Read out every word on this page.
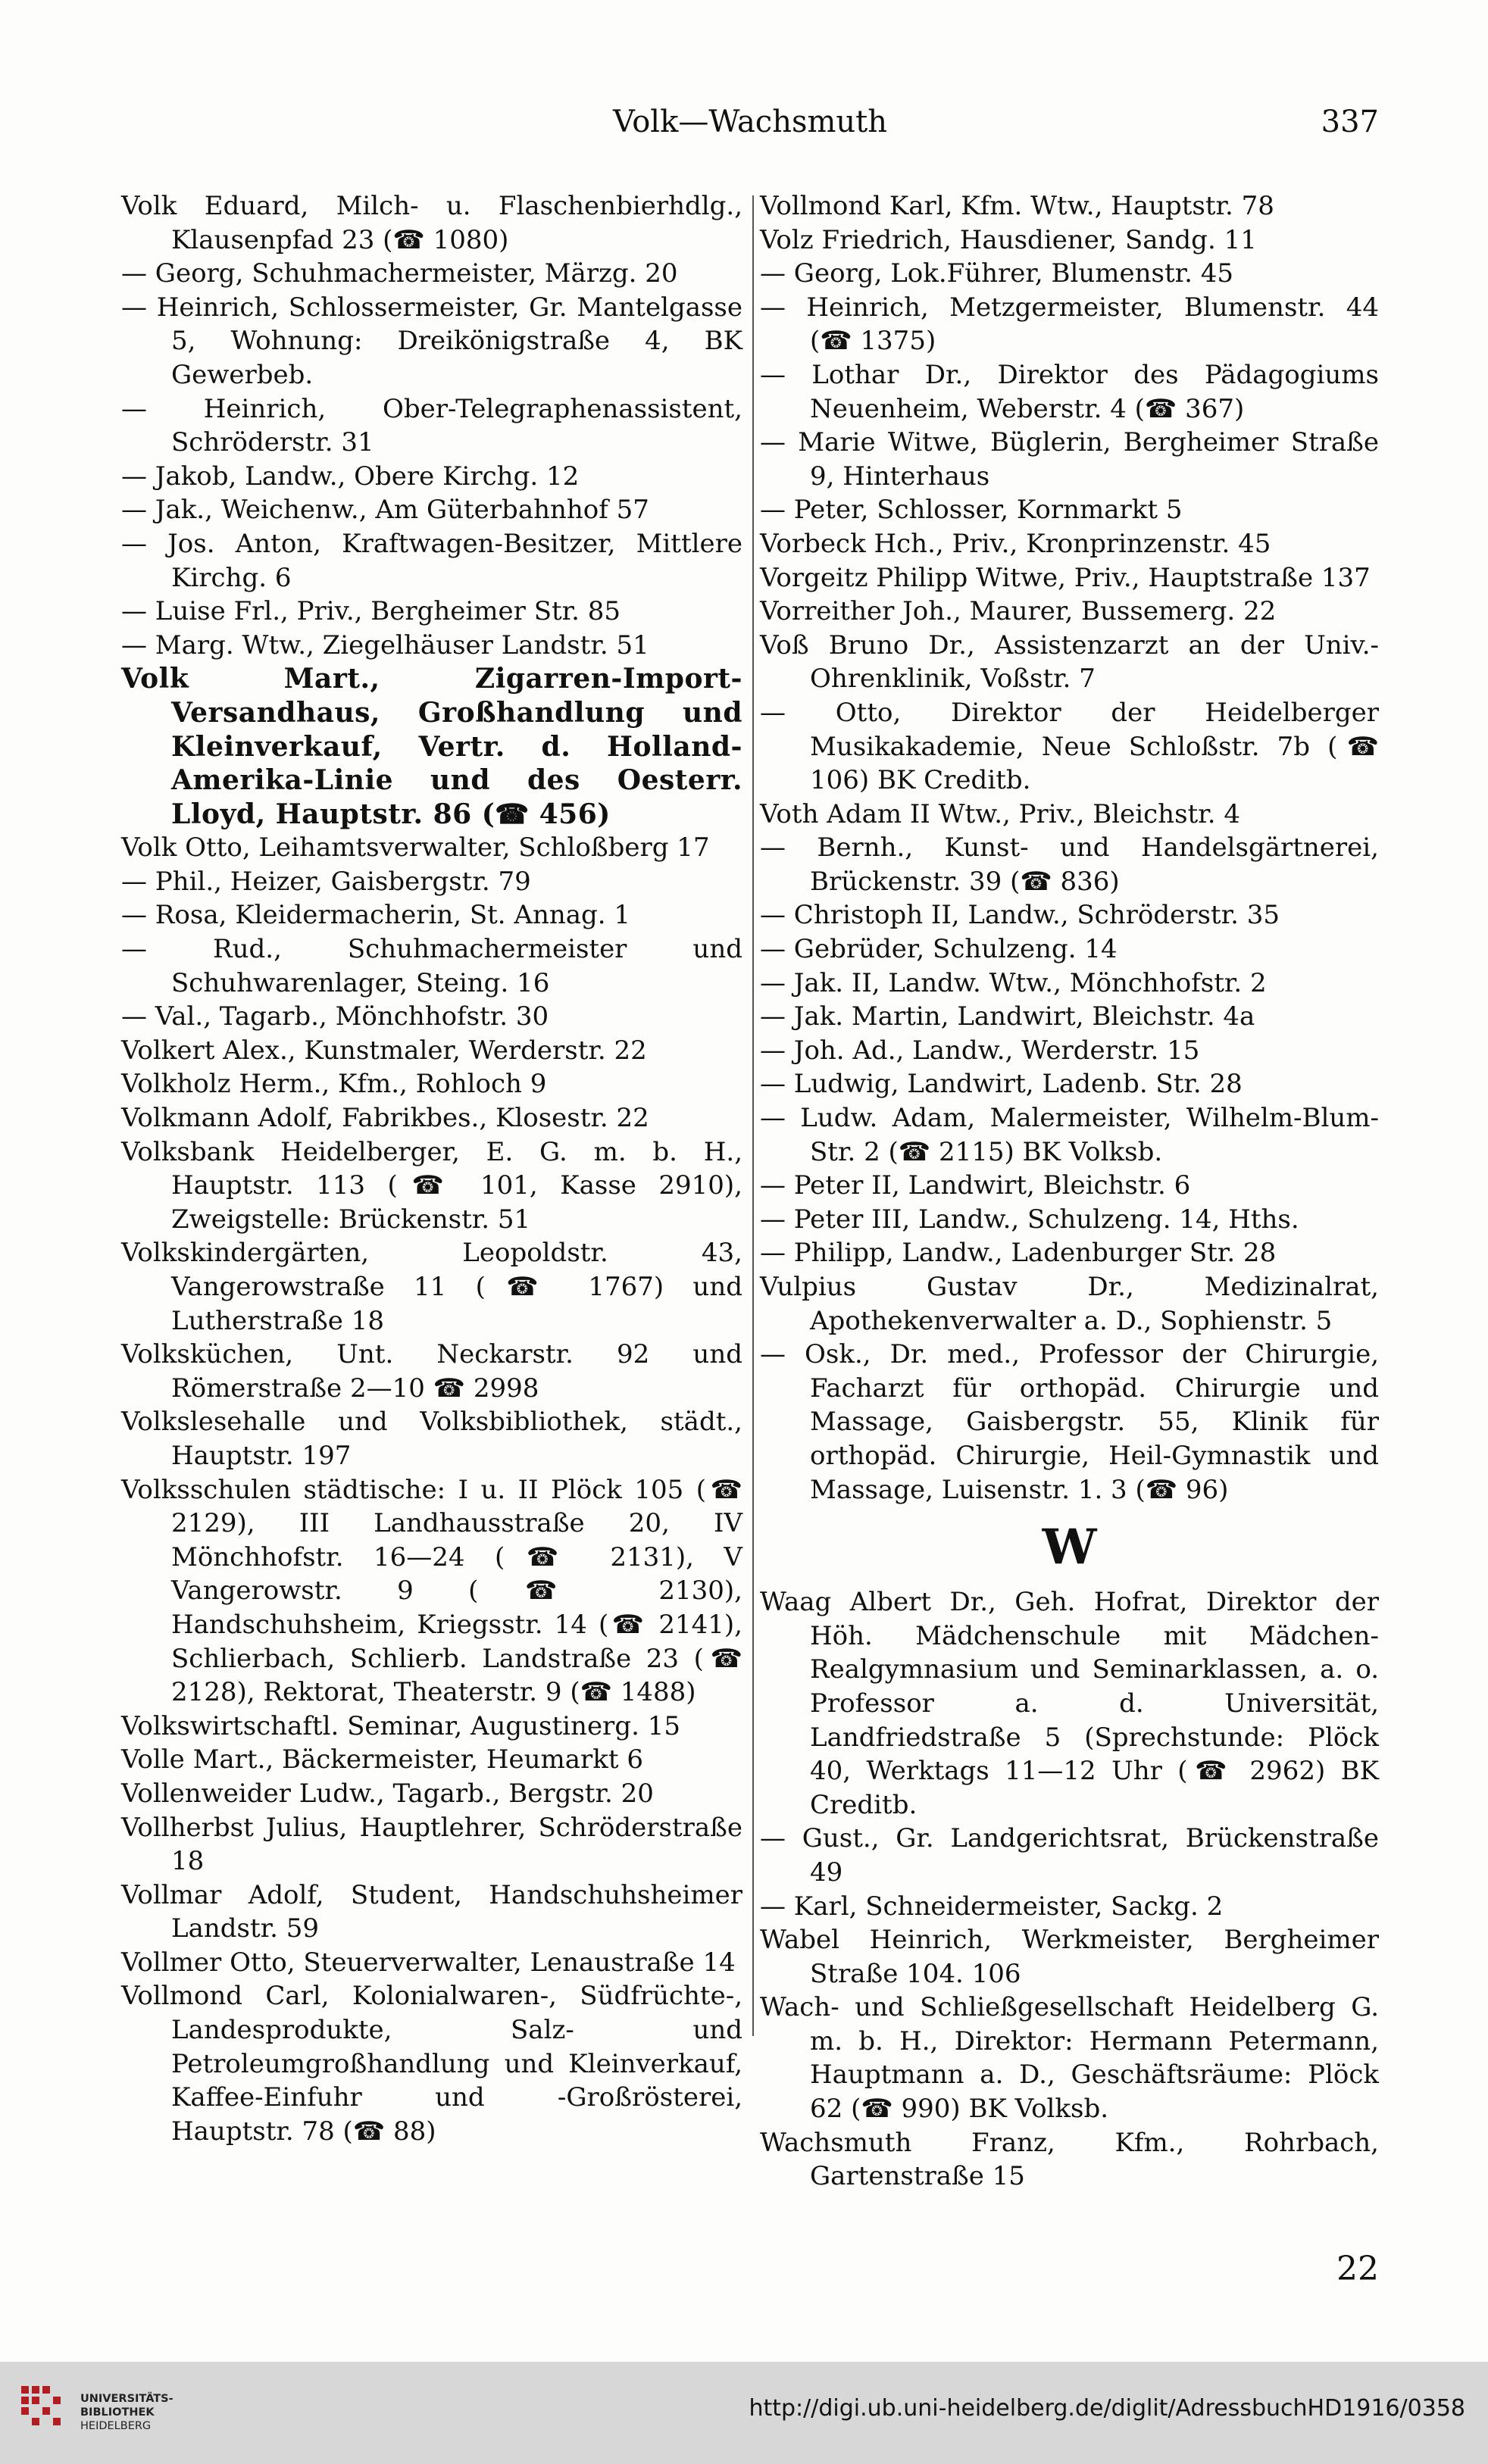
Volk—Wachsmuth	337

Volk Eduard, Milch- u. Flaschenbierhdlg., Klausenpfad 23 (☎ 1080)

— Georg, Schuhmachermeister, Märzg. 20

— Heinrich, Schlossermeister, Gr. Mantelgasse 5, Wohnung: Dreikönigstraße 4, BK Gewerbeb.

— Heinrich, Ober-Telegraphenassistent, Schröderstr. 31

— Jakob, Landw., Obere Kirchg. 12

— Jak., Weichenw., Am Güterbahnhof 57

— Jos. Anton, Kraftwagen-Besitzer, Mittlere Kirchg. 6

— Luise Frl., Priv., Bergheimer Str. 85

— Marg. Wtw., Ziegelhäuser Landstr. 51

Volk Mart., Zigarren-Import-Versandhaus, Großhandlung und Kleinverkauf, Vertr. d. Holland-Amerika-Linie und des Oesterr. Lloyd, Hauptstr. 86 (☎ 456)

Volk Otto, Leihamtsverwalter, Schloßberg 17

— Phil., Heizer, Gaisbergstr. 79

— Rosa, Kleidermacherin, St. Annag. 1

— Rud., Schuhmachermeister und Schuhwarenlager, Steing. 16

— Val., Tagarb., Mönchhofstr. 30

Volkert Alex., Kunstmaler, Werderstr. 22

Volkholz Herm., Kfm., Rohloch 9

Volkmann Adolf, Fabrikbes., Klosestr. 22

Volksbank Heidelberger, E. G. m. b. H., Hauptstr. 113 (☎ 101, Kasse 2910), Zweigstelle: Brückenstr. 51

Volkskindergärten, Leopoldstr. 43, Vangerowstraße 11 (☎ 1767) und Lutherstraße 18

Volksküchen, Unt. Neckarstr. 92 und Römerstraße 2—10 ☎ 2998

Volkslesehalle und Volksbibliothek, städt., Hauptstr. 197

Volksschulen städtische: I u. II Plöck 105 (☎ 2129), III Landhausstraße 20, IV Mönchhofstr. 16—24 (☎ 2131), V Vangerowstr. 9 (☎ 2130), Handschuhsheim, Kriegsstr. 14 (☎ 2141), Schlierbach, Schlierb. Landstraße 23 (☎ 2128), Rektorat, Theaterstr. 9 (☎ 1488)

Volkswirtschaftl. Seminar, Augustinerg. 15

Volle Mart., Bäckermeister, Heumarkt 6

Vollenweider Ludw., Tagarb., Bergstr. 20

Vollherbst Julius, Hauptlehrer, Schröderstraße 18

Vollmar Adolf, Student, Handschuhsheimer Landstr. 59

Vollmer Otto, Steuerverwalter, Lenaustraße 14

Vollmond Carl, Kolonialwaren-, Südfrüchte-, Landesprodukte, Salz- und Petroleumgroßhandlung und Kleinverkauf, Kaffee-Einfuhr und -Großrösterei, Hauptstr. 78 (☎ 88)

Vollmond Karl, Kfm. Wtw., Hauptstr. 78

Volz Friedrich, Hausdiener, Sandg. 11

— Georg, Lok.Führer, Blumenstr. 45

— Heinrich, Metzgermeister, Blumenstr. 44 (☎ 1375)

— Lothar Dr., Direktor des Pädagogiums Neuenheim, Weberstr. 4 (☎ 367)

— Marie Witwe, Büglerin, Bergheimer Straße 9, Hinterhaus

— Peter, Schlosser, Kornmarkt 5

Vorbeck Hch., Priv., Kronprinzenstr. 45

Vorgeitz Philipp Witwe, Priv., Hauptstraße 137

Vorreither Joh., Maurer, Bussemerg. 22

Voß Bruno Dr., Assistenzarzt an der Univ.-Ohrenklinik, Voßstr. 7

— Otto, Direktor der Heidelberger Musikakademie, Neue Schloßstr. 7b (☎ 106) BK Creditb.

Voth Adam II Wtw., Priv., Bleichstr. 4

— Bernh., Kunst- und Handelsgärtnerei, Brückenstr. 39 (☎ 836)

— Christoph II, Landw., Schröderstr. 35

— Gebrüder, Schulzeng. 14

— Jak. II, Landw. Wtw., Mönchhofstr. 2

— Jak. Martin, Landwirt, Bleichstr. 4a

— Joh. Ad., Landw., Werderstr. 15

— Ludwig, Landwirt, Ladenb. Str. 28

— Ludw. Adam, Malermeister, Wilhelm-Blum-Str. 2 (☎ 2115) BK Volksb.

— Peter II, Landwirt, Bleichstr. 6

— Peter III, Landw., Schulzeng. 14, Hths.

— Philipp, Landw., Ladenburger Str. 28

Vulpius Gustav Dr., Medizinalrat, Apothekenverwalter a. D., Sophienstr. 5

— Osk., Dr. med., Professor der Chirurgie, Facharzt für orthopäd. Chirurgie und Massage, Gaisbergstr. 55, Klinik für orthopäd. Chirurgie, Heil-Gymnastik und Massage, Luisenstr. 1. 3 (☎ 96)

W

Waag Albert Dr., Geh. Hofrat, Direktor der Höh. Mädchenschule mit Mädchen-Realgymnasium und Seminarklassen, a. o. Professor a. d. Universität, Landfriedstraße 5 (Sprechstunde: Plöck 40, Werktags 11—12 Uhr (☎ 2962) BK Creditb.

— Gust., Gr. Landgerichtsrat, Brückenstraße 49

— Karl, Schneidermeister, Sackg. 2

Wabel Heinrich, Werkmeister, Bergheimer Straße 104. 106

Wach- und Schließgesellschaft Heidelberg G. m. b. H., Direktor: Hermann Petermann, Hauptmann a. D., Geschäftsräume: Plöck 62 (☎ 990) BK Volksb.

Wachsmuth Franz, Kfm., Rohrbach, Gartenstraße 15

22
UNIVERSITÄTS-
BIBLIOTHEK
HEIDELBERG
http://digi.ub.uni-heidelberg.de/diglit/AdressbuchHD1916/0358
